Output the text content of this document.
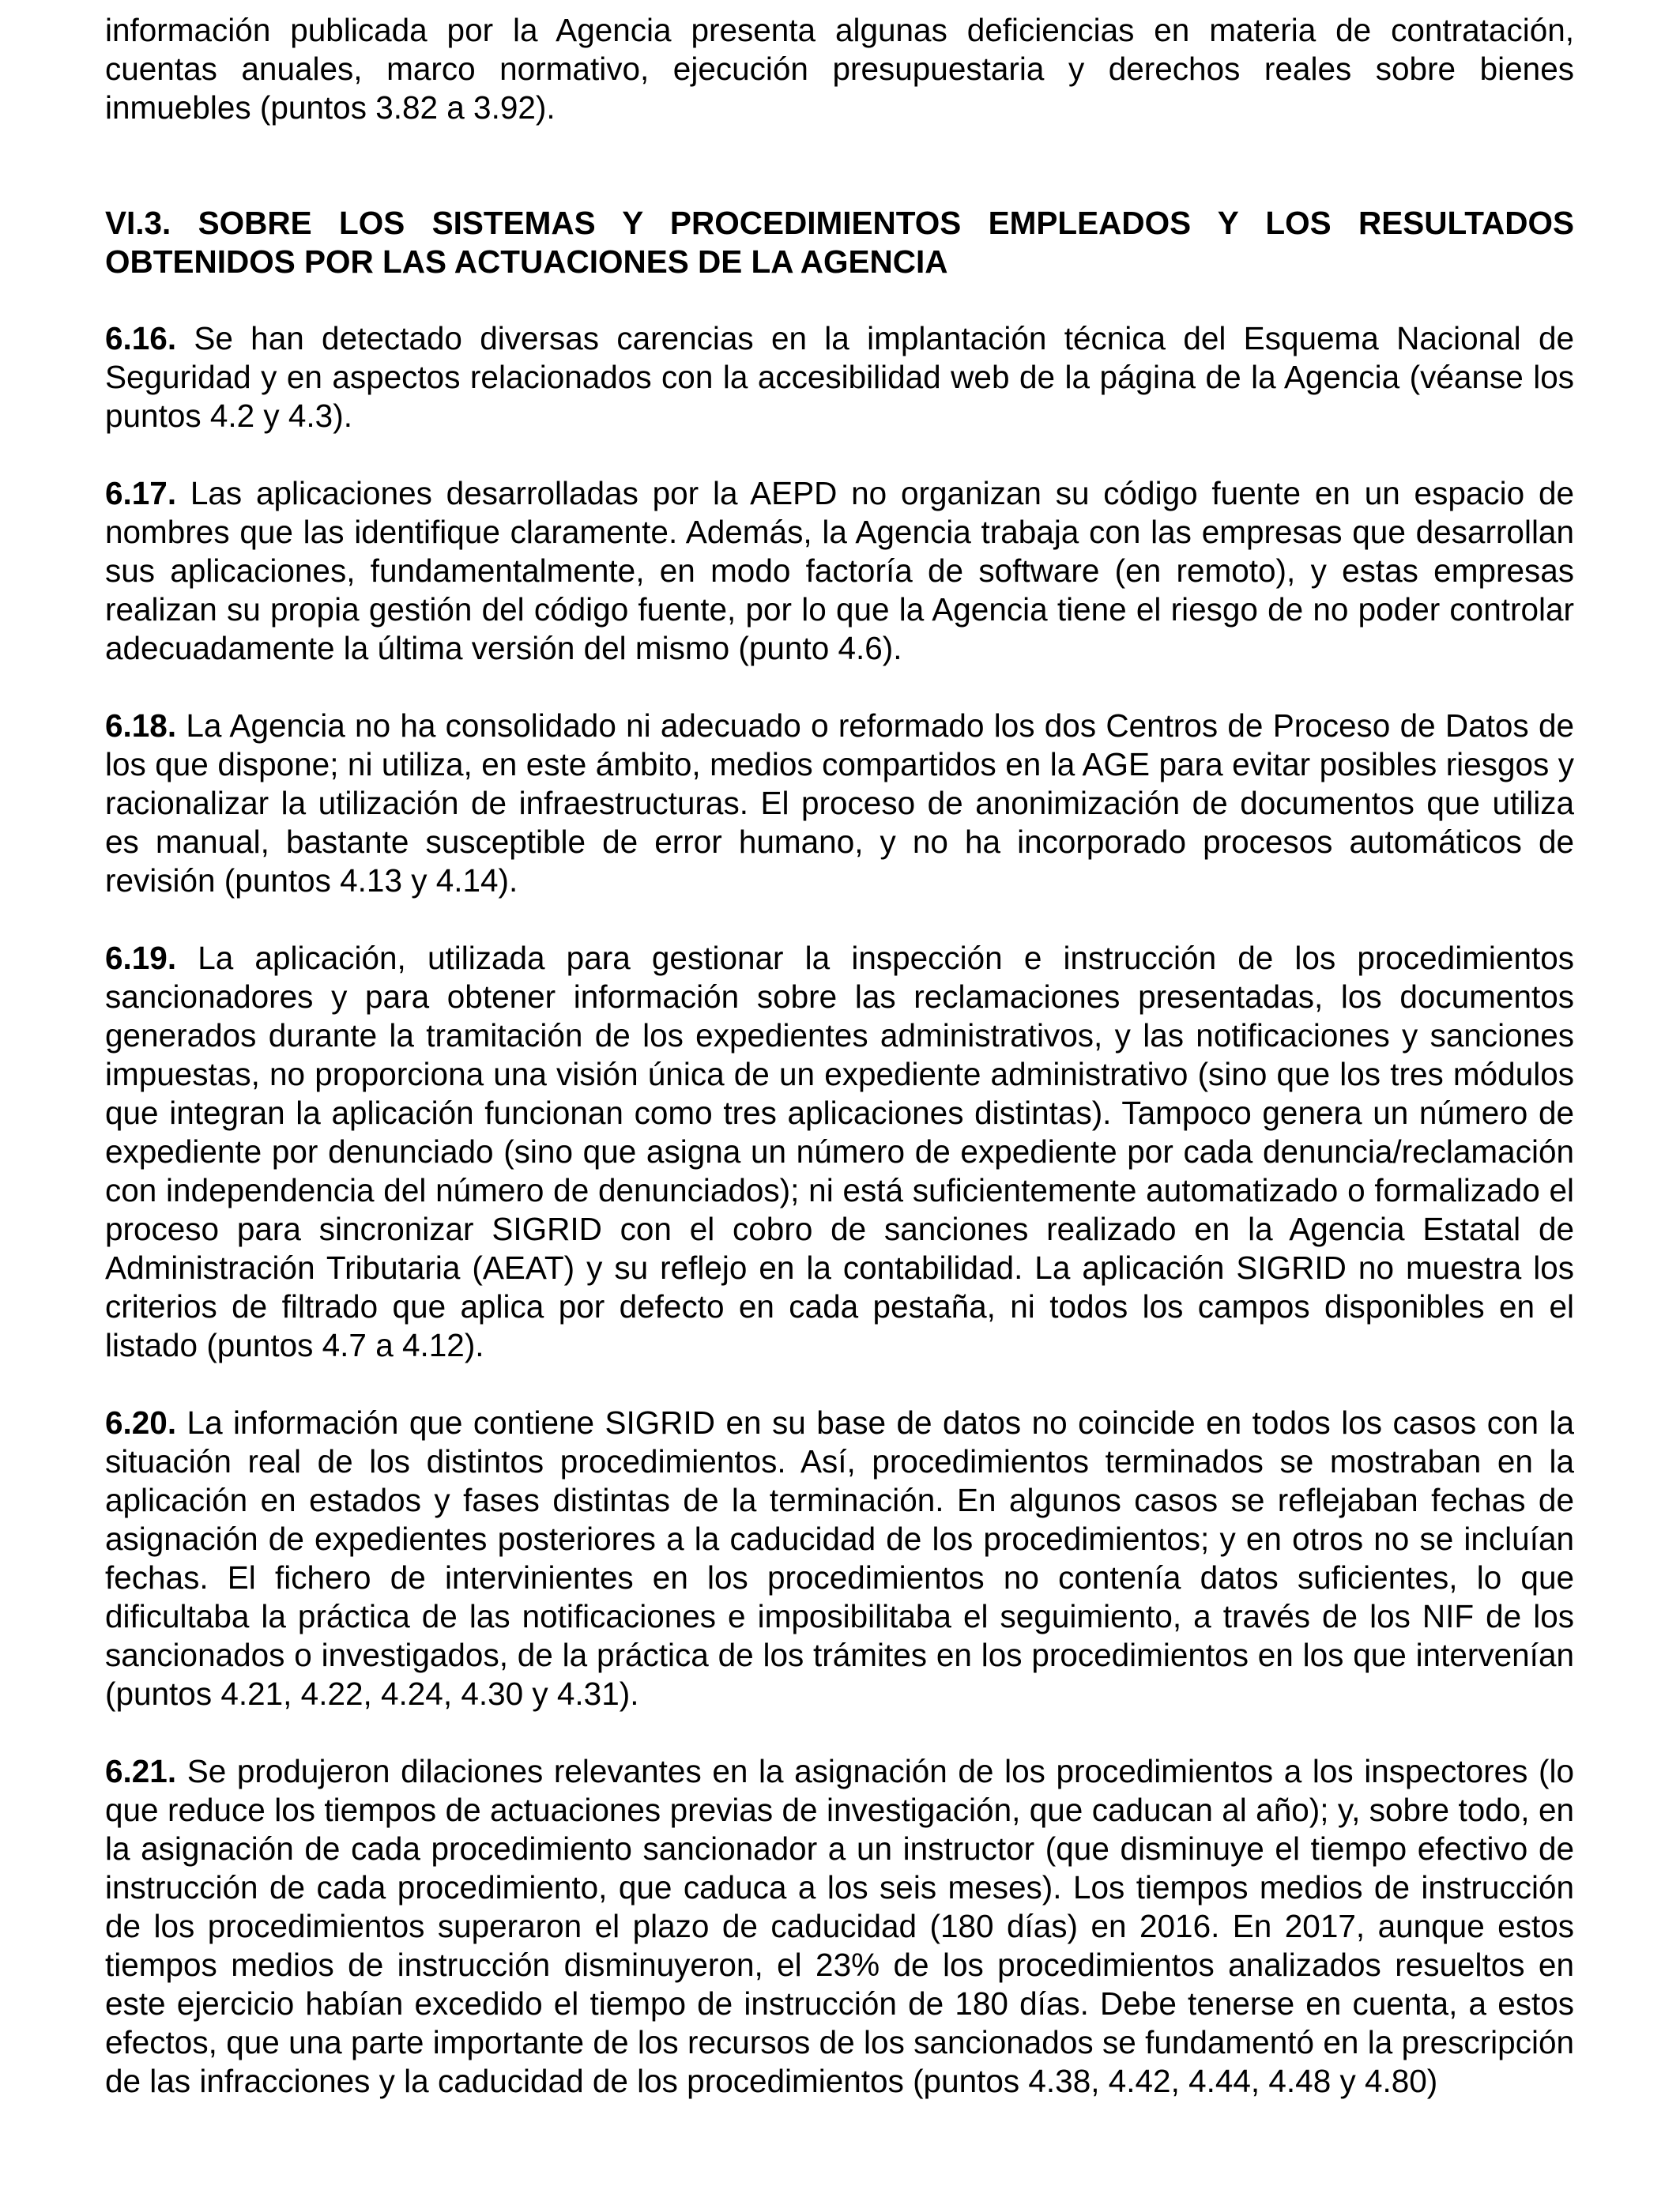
información publicada por la Agencia presenta algunas deficiencias en materia de contratación, cuentas anuales, marco normativo, ejecución presupuestaria y derechos reales sobre bienes inmuebles (puntos 3.82 a 3.92).

VI.3. SOBRE LOS SISTEMAS Y PROCEDIMIENTOS EMPLEADOS Y LOS RESULTADOS OBTENIDOS POR LAS ACTUACIONES DE LA AGENCIA

6.16. Se han detectado diversas carencias en la implantación técnica del Esquema Nacional de Seguridad y en aspectos relacionados con la accesibilidad web de la página de la Agencia (véanse los puntos 4.2 y 4.3).

6.17. Las aplicaciones desarrolladas por la AEPD no organizan su código fuente en un espacio de nombres que las identifique claramente. Además, la Agencia trabaja con las empresas que desarrollan sus aplicaciones, fundamentalmente, en modo factoría de software (en remoto), y estas empresas realizan su propia gestión del código fuente, por lo que la Agencia tiene el riesgo de no poder controlar adecuadamente la última versión del mismo (punto 4.6).

6.18. La Agencia no ha consolidado ni adecuado o reformado los dos Centros de Proceso de Datos de los que dispone; ni utiliza, en este ámbito, medios compartidos en la AGE para evitar posibles riesgos y racionalizar la utilización de infraestructuras. El proceso de anonimización de documentos que utiliza es manual, bastante susceptible de error humano, y no ha incorporado procesos automáticos de revisión (puntos 4.13 y 4.14).

6.19. La aplicación, utilizada para gestionar la inspección e instrucción de los procedimientos sancionadores y para obtener información sobre las reclamaciones presentadas, los documentos generados durante la tramitación de los expedientes administrativos, y las notificaciones y sanciones impuestas, no proporciona una visión única de un expediente administrativo (sino que los tres módulos que integran la aplicación funcionan como tres aplicaciones distintas). Tampoco genera un número de expediente por denunciado (sino que asigna un número de expediente por cada denuncia/reclamación con independencia del número de denunciados); ni está suficientemente automatizado o formalizado el proceso para sincronizar SIGRID con el cobro de sanciones realizado en la Agencia Estatal de Administración Tributaria (AEAT) y su reflejo en la contabilidad. La aplicación SIGRID no muestra los criterios de filtrado que aplica por defecto en cada pestaña, ni todos los campos disponibles en el listado (puntos 4.7 a 4.12).

6.20. La información que contiene SIGRID en su base de datos no coincide en todos los casos con la situación real de los distintos procedimientos. Así, procedimientos terminados se mostraban en la aplicación en estados y fases distintas de la terminación. En algunos casos se reflejaban fechas de asignación de expedientes posteriores a la caducidad de los procedimientos; y en otros no se incluían fechas. El fichero de intervinientes en los procedimientos no contenía datos suficientes, lo que dificultaba la práctica de las notificaciones e imposibilitaba el seguimiento, a través de los NIF de los sancionados o investigados, de la práctica de los trámites en los procedimientos en los que intervenían (puntos 4.21, 4.22, 4.24, 4.30 y 4.31).

6.21. Se produjeron dilaciones relevantes en la asignación de los procedimientos a los inspectores (lo que reduce los tiempos de actuaciones previas de investigación, que caducan al año); y, sobre todo, en la asignación de cada procedimiento sancionador a un instructor (que disminuye el tiempo efectivo de instrucción de cada procedimiento, que caduca a los seis meses). Los tiempos medios de instrucción de los procedimientos superaron el plazo de caducidad (180 días) en 2016. En 2017, aunque estos tiempos medios de instrucción disminuyeron, el 23% de los procedimientos analizados resueltos en este ejercicio habían excedido el tiempo de instrucción de 180 días. Debe tenerse en cuenta, a estos efectos, que una parte importante de los recursos de los sancionados se fundamentó en la prescripción de las infracciones y la caducidad de los procedimientos (puntos 4.38, 4.42, 4.44, 4.48 y 4.80)
